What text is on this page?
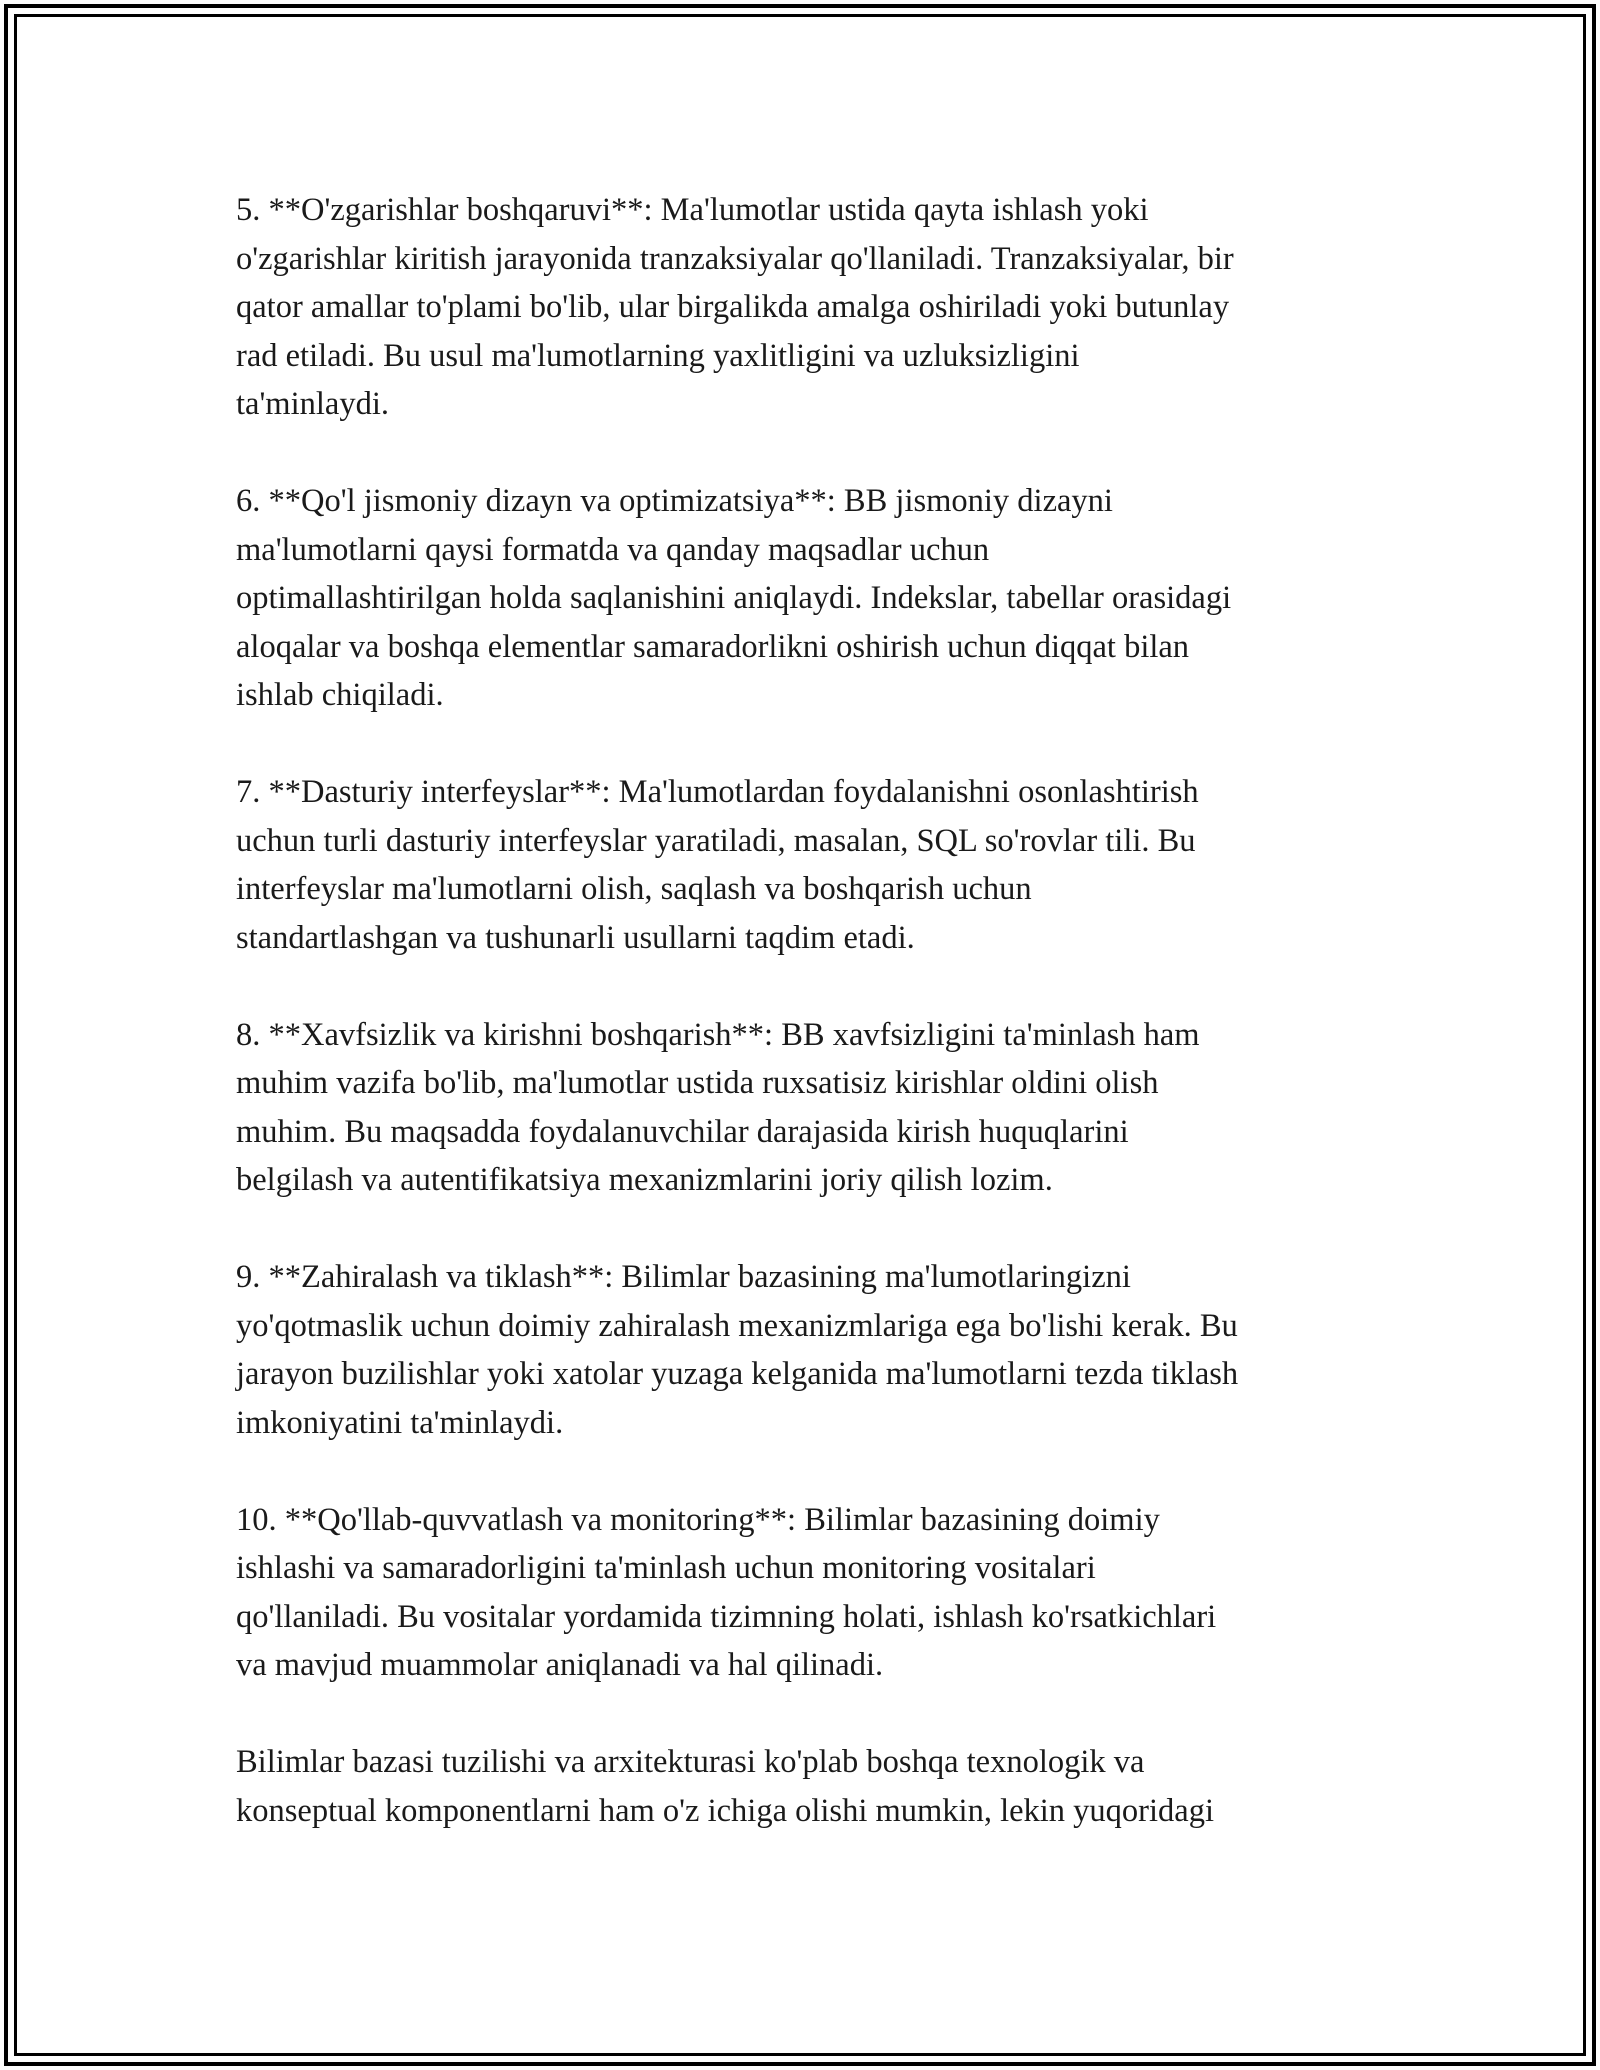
5. **O'zgarishlar boshqaruvi**: Ma'lumotlar ustida qayta ishlash yoki
o'zgarishlar kiritish jarayonida tranzaksiyalar qo'llaniladi. Tranzaksiyalar, bir
qator amallar to'plami bo'lib, ular birgalikda amalga oshiriladi yoki butunlay
rad etiladi. Bu usul ma'lumotlarning yaxlitligini va uzluksizligini
ta'minlaydi.

6. **Qo'l jismoniy dizayn va optimizatsiya**: BB jismoniy dizayni
ma'lumotlarni qaysi formatda va qanday maqsadlar uchun
optimallashtirilgan holda saqlanishini aniqlaydi. Indekslar, tabellar orasidagi
aloqalar va boshqa elementlar samaradorlikni oshirish uchun diqqat bilan
ishlab chiqiladi.

7. **Dasturiy interfeyslar**: Ma'lumotlardan foydalanishni osonlashtirish
uchun turli dasturiy interfeyslar yaratiladi, masalan, SQL so'rovlar tili. Bu
interfeyslar ma'lumotlarni olish, saqlash va boshqarish uchun
standartlashgan va tushunarli usullarni taqdim etadi.

8. **Xavfsizlik va kirishni boshqarish**: BB xavfsizligini ta'minlash ham
muhim vazifa bo'lib, ma'lumotlar ustida ruxsatisiz kirishlar oldini olish
muhim. Bu maqsadda foydalanuvchilar darajasida kirish huquqlarini
belgilash va autentifikatsiya mexanizmlarini joriy qilish lozim.

9. **Zahiralash va tiklash**: Bilimlar bazasining ma'lumotlaringizni
yo'qotmaslik uchun doimiy zahiralash mexanizmlariga ega bo'lishi kerak. Bu
jarayon buzilishlar yoki xatolar yuzaga kelganida ma'lumotlarni tezda tiklash
imkoniyatini ta'minlaydi.

10. **Qo'llab-quvvatlash va monitoring**: Bilimlar bazasining doimiy
ishlashi va samaradorligini ta'minlash uchun monitoring vositalari
qo'llaniladi. Bu vositalar yordamida tizimning holati, ishlash ko'rsatkichlari
va mavjud muammolar aniqlanadi va hal qilinadi.

Bilimlar bazasi tuzilishi va arxitekturasi ko'plab boshqa texnologik va
konseptual komponentlarni ham o'z ichiga olishi mumkin, lekin yuqoridagi
